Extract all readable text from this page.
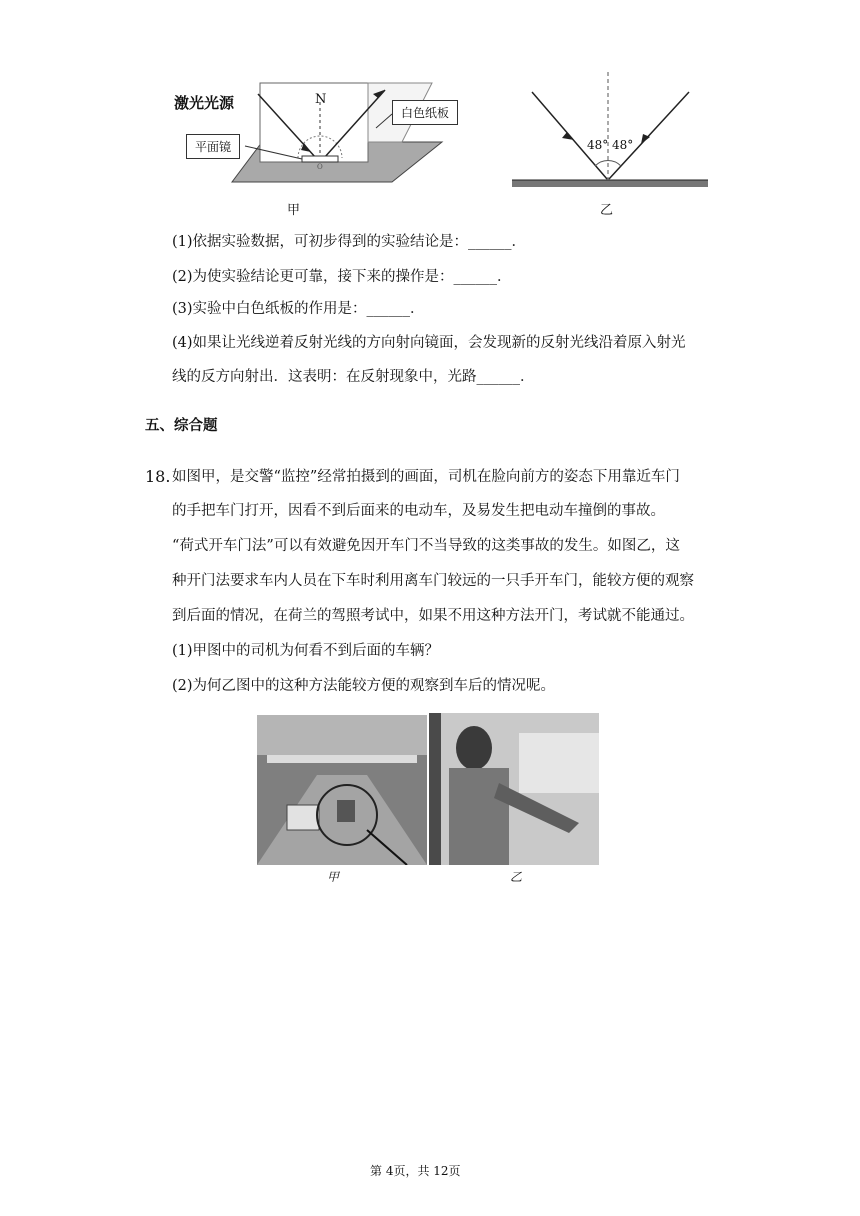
激光光源	N
白色纸板
平面镜
O
甲
48° 48°
乙
(1)依据实验数据，可初步得到的实验结论是：______．
(2)为使实验结论更可靠，接下来的操作是：______．
(3)实验中白色纸板的作用是：______．
(4)如果让光线逆着反射光线的方向射向镜面，会发现新的反射光线沿着原入射光
线的反方向射出．这表明：在反射现象中，光路______．
五、综合题
18. 如图甲，是交警“监控”经常拍摄到的画面，司机在脸向前方的姿态下用靠近车门
的手把车门打开，因看不到后面来的电动车，及易发生把电动车撞倒的事故。
“荷式开车门法”可以有效避免因开车门不当导致的这类事故的发生。如图乙，这
种开门法要求车内人员在下车时利用离车门较远的一只手开车门，能较方便的观察
到后面的情况，在荷兰的驾照考试中，如果不用这种方法开门，考试就不能通过。
(1)甲图中的司机为何看不到后面的车辆？
(2)为何乙图中的这种方法能较方便的观察到车后的情况呢。
甲	乙
第 4页，共 12页
